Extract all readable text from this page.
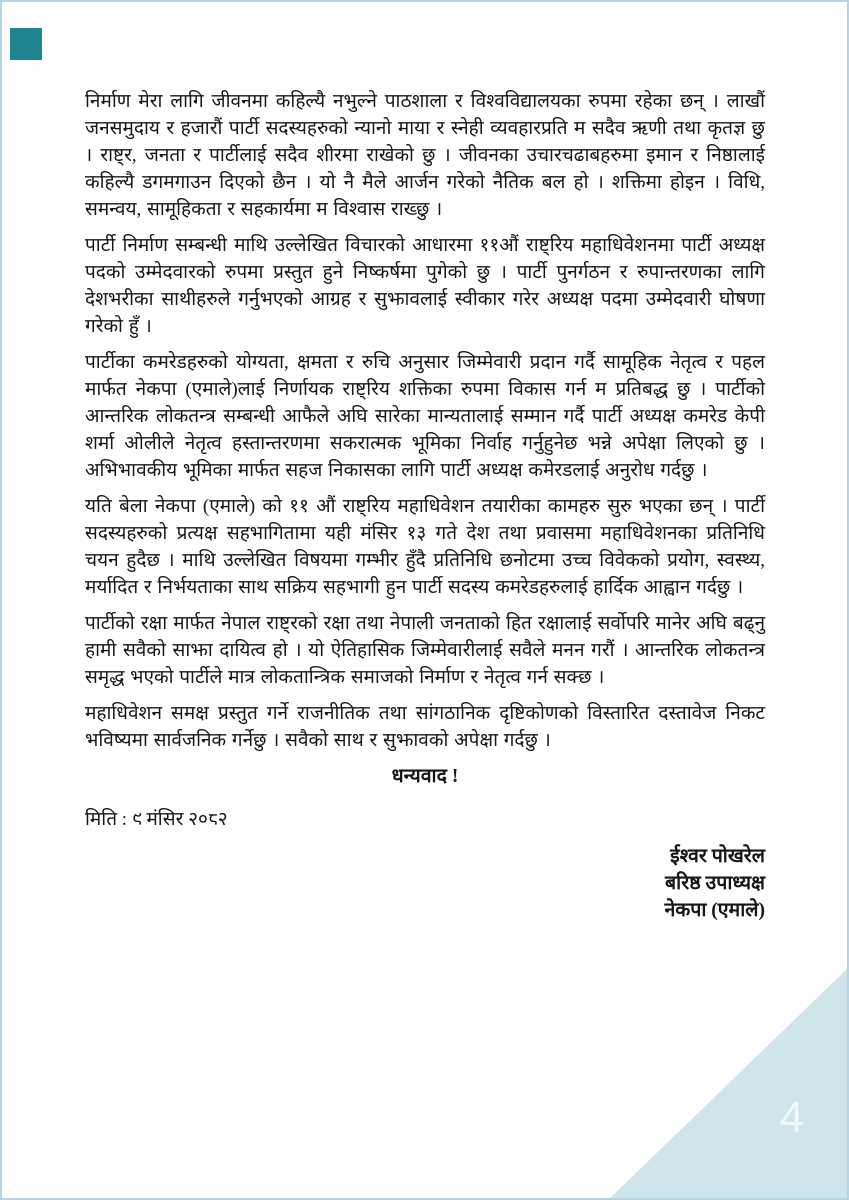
निर्माण मेरा लागि जीवनमा कहिल्यै नभुल्ने पाठशाला र विश्वविद्यालयका रुपमा रहेका छन् । लाखौं जनसमुदाय र हजारौं पार्टी सदस्यहरुको न्यानो माया र स्नेही व्यवहारप्रति म सदैव ऋणी तथा कृतज्ञ छु । राष्ट्र, जनता र पार्टीलाई सदैव शीरमा राखेको छु । जीवनका उचारचढाबहरुमा इमान र निष्ठालाई कहिल्यै डगमगाउन दिएको छैन । यो नै मैले आर्जन गरेको नैतिक बल हो । शक्तिमा होइन । विधि, समन्वय, सामूहिकता र सहकार्यमा म विश्वास राख्छु ।

पार्टी निर्माण सम्बन्धी माथि उल्लेखित विचारको आधारमा ११औं राष्ट्रिय महाधिवेशनमा पार्टी अध्यक्ष पदको उम्मेदवारको रुपमा प्रस्तुत हुने निष्कर्षमा पुगेको छु । पार्टी पुनर्गठन र रुपान्तरणका लागि देशभरीका साथीहरुले गर्नुभएको आग्रह र सुझावलाई स्वीकार गरेर अध्यक्ष पदमा उम्मेदवारी घोषणा गरेको हुँ ।

पार्टीका कमरेडहरुको योग्यता, क्षमता र रुचि अनुसार जिम्मेवारी प्रदान गर्दै सामूहिक नेतृत्व र पहल मार्फत नेकपा (एमाले)लाई निर्णायक राष्ट्रिय शक्तिका रुपमा विकास गर्न म प्रतिबद्ध छु । पार्टीको आन्तरिक लोकतन्त्र सम्बन्धी आफैले अघि सारेका मान्यतालाई सम्मान गर्दै पार्टी अध्यक्ष कमरेड केपी शर्मा ओलीले नेतृत्व हस्तान्तरणमा सकरात्मक भूमिका निर्वाह गर्नुहुनेछ भन्ने अपेक्षा लिएको छु । अभिभावकीय भूमिका मार्फत सहज निकासका लागि पार्टी अध्यक्ष कमेरडलाई अनुरोध गर्दछु ।

यति बेला नेकपा (एमाले) को ११ औं राष्ट्रिय महाधिवेशन तयारीका कामहरु सुरु भएका छन् । पार्टी सदस्यहरुको प्रत्यक्ष सहभागितामा यही मंसिर १३ गते देश तथा प्रवासमा महाधिवेशनका प्रतिनिधि चयन हुदैछ । माथि उल्लेखित विषयमा गम्भीर हुँदै प्रतिनिधि छनोटमा उच्च विवेकको प्रयोग, स्वस्थ्य, मर्यादित र निर्भयताका साथ सक्रिय सहभागी हुन पार्टी सदस्य कमरेडहरुलाई हार्दिक आह्वान गर्दछु ।

पार्टीको रक्षा मार्फत नेपाल राष्ट्रको रक्षा तथा नेपाली जनताको हित रक्षालाई सर्वोपरि मानेर अघि बढ्नु हामी सवैको साझा दायित्व हो । यो ऐतिहासिक जिम्मेवारीलाई सवैले मनन गरौं । आन्तरिक लोकतन्त्र समृद्ध भएको पार्टीले मात्र लोकतान्त्रिक समाजको निर्माण र नेतृत्व गर्न सक्छ ।

महाधिवेशन समक्ष प्रस्तुत गर्ने राजनीतिक तथा सांगठानिक दृष्टिकोणको विस्तारित दस्तावेज निकट भविष्यमा सार्वजनिक गर्नेछु । सवैको साथ र सुझावको अपेक्षा गर्दछु ।

धन्यवाद !

मिति : ९ मंसिर २०८२

ईश्वर पोखरेल
बरिष्ठ उपाध्यक्ष
नेकपा (एमाले)
4
